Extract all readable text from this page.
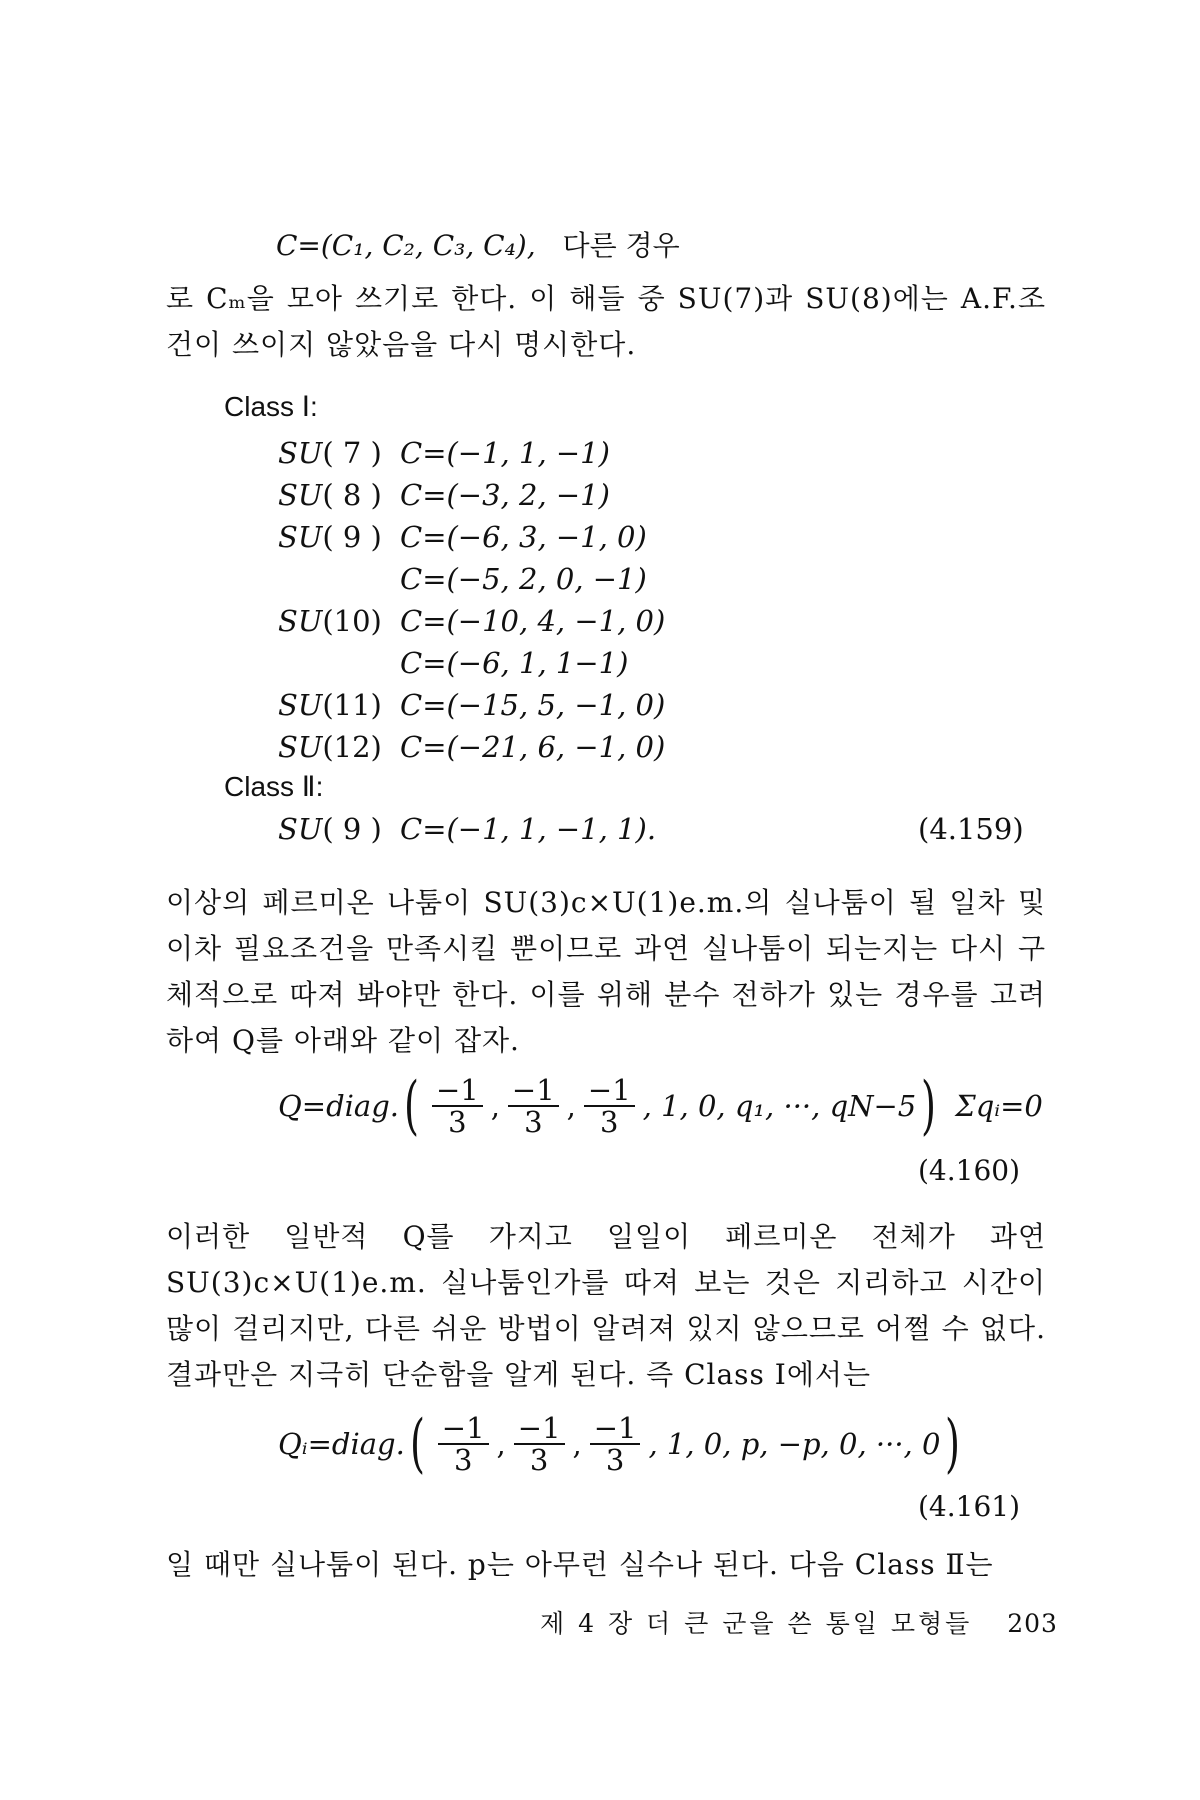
C=(C₁, C₂, C₃, C₄), 다른 경우
로 Cₘ을 모아 쓰기로 한다. 이 해들 중 SU(7)과 SU(8)에는 A.F.조건이 쓰이지 않았음을 다시 명시한다.
Class Ⅰ:
SU( 7 ) C=(−1, 1, −1)
SU( 8 ) C=(−3, 2, −1)
SU( 9 ) C=(−6, 3, −1, 0)
C=(−5, 2, 0, −1)
SU(10) C=(−10, 4, −1, 0)
C=(−6, 1, 1−1)
SU(11) C=(−15, 5, −1, 0)
SU(12) C=(−21, 6, −1, 0)
Class Ⅱ:
SU( 9 ) C=(−1, 1, −1, 1).	(4.159)
이상의 페르미온 나툼이 SU(3)c×U(1)e.m.의 실나툼이 될 일차 및 이차 필요조건을 만족시킬 뿐이므로 과연 실나툼이 되는지는 다시 구체적으로 따져 봐야만 한다. 이를 위해 분수 전하가 있는 경우를 고려하여 Q를 아래와 같이 잡자.
Q=diag. ( $\frac{-1}{3}$ , $\frac{-1}{3}$ , $\frac{-1}{3}$ , 1, 0, q₁, ···, qN−5 ) Σqᵢ=0
(4.160)
이러한 일반적 Q를 가지고 일일이 페르미온 전체가 과연 SU(3)c×U(1)e.m. 실나툼인가를 따져 보는 것은 지리하고 시간이 많이 걸리지만, 다른 쉬운 방법이 알려져 있지 않으므로 어쩔 수 없다. 결과만은 지극히 단순함을 알게 된다. 즉 Class Ⅰ에서는
Qᵢ=diag. ( $\frac{-1}{3}$ , $\frac{-1}{3}$ , $\frac{-1}{3}$ , 1, 0, p, −p, 0, ···, 0 )
(4.161)
일 때만 실나툼이 된다. p는 아무런 실수나 된다. 다음 Class Ⅱ는
제 4 장 더 큰 군을 쓴 통일 모형들 203
